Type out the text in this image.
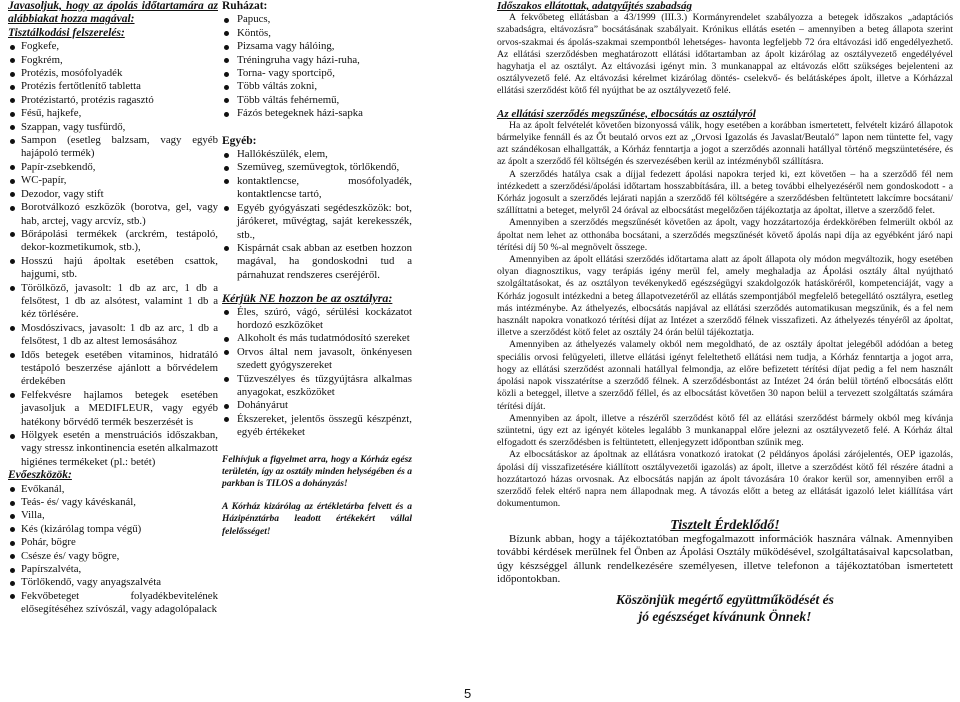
Javasoljuk, hogy az ápolás időtartamára az alábbiakat hozza magával:

Tisztálkodási felszerelés:

Fogkefe,
Fogkrém,
Protézis, mosófolyadék
Protézis fertőtlenítő tabletta
Protézistartó, protézis ragasztó
Fésű, hajkefe,
Szappan, vagy tusfürdő,
Sampon (esetleg balzsam, vagy egyéb hajápoló termék)
Papír-zsebkendő,
WC-papír,
Dezodor, vagy stift
Borotválkozó eszközök (borotva, gel, vagy hab, arctej, vagy arcvíz, stb.)
Bőrápolási termékek (arckrém, testápoló, dekor-kozmetikumok, stb.),
Hosszú hajú ápoltak esetében csattok, hajgumi, stb.
Törölköző, javasolt: 1 db az arc, 1 db a felsőtest, 1 db az alsótest, valamint 1 db a kéz törlésére.
Mosdószivacs, javasolt: 1 db az arc, 1 db a felsőtest, 1 db az altest lemosásához
Idős betegek esetében vitaminos, hidratáló testápoló beszerzése ajánlott a bőrvédelem érdekében
Felfekvésre hajlamos betegek esetében javasoljuk a MEDIFLEUR, vagy egyéb hatékony bőrvédő termék beszerzését is
Hölgyek esetén a menstruációs időszakban, vagy stressz inkontinencia esetén alkalmazott higiénes termékeket (pl.: betét)

Evőeszközök:

Evőkanál,
Teás- és/ vagy kávéskanál,
Villa,
Kés (kizárólag tompa végű)
Pohár, bögre
Csésze és/ vagy bögre,
Papírszalvéta,
Törlőkendő, vagy anyagszalvéta
Fekvőbeteget folyadékbevitelének elősegítéséhez szívószál, vagy adagolópalack

Ruházat:

Papucs,
Köntös,
Pizsama vagy hálóing,
Tréningruha vagy házi-ruha,
Torna- vagy sportcipő,
Több váltás zokni,
Több váltás fehérnemű,
Fázós betegeknek házi-sapka

Egyéb:

Hallókészülék, elem,
Szemüveg, szemüvegtok, törlőkendő,
kontaktlencse, mosófolyadék, kontaktlencse tartó,
Egyéb gyógyászati segédeszközök: bot, járókeret, művégtag, saját kerekesszék, stb.,
Kispárnát csak abban az esetben hozzon magával, ha gondoskodni tud a párnahuzat rendszeres cseréjéről.

Kérjük NE hozzon be az osztályra:

Éles, szúró, vágó, sérülési kockázatot hordozó eszközöket
Alkoholt és más tudatmódosító szereket
Orvos által nem javasolt, önkényesen szedett gyógyszereket
Tűzveszélyes és tűzgyújtásra alkalmas anyagokat, eszközöket
Dohányárut
Ékszereket, jelentős összegű készpénzt, egyéb értékeket

Felhívjuk a figyelmet arra, hogy a Kórház egész területén, így az osztály minden helységében és a parkban is TILOS a dohányzás!

A Kórház kizárólag az értékletárba felvett és a Házipénztárba leadott értékekért vállal felelősséget!

Időszakos ellátottak, adatgyűjtés szabadság

A fekvőbeteg ellátásban a 43/1999 (III.3.) Kormányrendelet szabályozza a betegek időszakos „adaptációs szabadságra, eltávozásra” bocsátásának szabályait. Krónikus ellátás esetén – amennyiben a beteg állapota szerint orvos-szakmai és ápolás-szakmai szempontból lehetséges- havonta legfeljebb 72 óra eltávozási idő engedélyezhető. Az ellátási szerződésben meghatározott ellátási időtartamban az ápolt kizárólag az osztályvezető engedélyével hagyhatja el az osztályt. Az eltávozási igényt min. 3 munkanappal az eltávozás előtt szükséges bejelenteni az osztályvezető felé. Az eltávozási kérelmet kizárólag döntés- cselekvő- és belátásképes ápolt, illetve a Kórházzal ellátási szerződést kötő fél nyújthat be az osztályvezető felé.

Az ellátási szerződés megszűnése, elbocsátás az osztályról

Ha az ápolt felvételét követően bizonyossá válik, hogy esetében a korábban ismertetett, felvételt kizáró állapotok bármelyike fennáll és az Őt beutaló orvos ezt az „Orvosi Igazolás és Javaslat/Beutaló” lapon nem tüntette fel, vagy azt szándékosan elhallgatták, a Kórház fenntartja a jogot a szerződés azonnali hatállyal történő megszüntetésére, és az ápolt a szerződő fél költségén és szervezésében kerül az intézményből szállításra.

A szerződés hatálya csak a díjjal fedezett ápolási napokra terjed ki, ezt követően – ha a szerződő fél nem intézkedett a szerződési/ápolási időtartam hosszabbítására, ill. a beteg további elhelyezéséről nem gondoskodott - a Kórház jogosult a szerződés lejárati napján a szerződő fél költségére a szerződésben feltüntetett lakcímre bocsátani/ szállíttatni a beteget, melyről 24 órával az elbocsátást megelőzően tájékoztatja az ápoltat, illetve a szerződő felet.

Amennyiben a szerződés megszűnését követően az ápolt, vagy hozzátartozója érdekkörében felmerült okból az ápoltat nem lehet az otthonába bocsátani, a szerződés megszűnését követő ápolás napi díja az egyébként járó napi térítési díj 50 %-al megnövelt összege.

Amennyiben az ápolt ellátási szerződés időtartama alatt az ápolt állapota oly módon megváltozik, hogy esetében olyan diagnosztikus, vagy terápiás igény merül fel, amely meghaladja az Ápolási osztály által nyújtható szolgáltatásokat, és az osztályon tevékenykedő egészségügyi szakdolgozók hatásköréről, kompetenciáját, vagy a Kórház jogosult intézkedni a beteg állapotvezetéről az ellátás szempontjából megfelelő betegellátó osztályra, esetleg más intézménybe. Az áthelyezés, elbocsátás napjával az ellátási szerződés automatikusan megszűnik, és a fel nem használt napokra vonatkozó térítési díjat az Intézet a szerződő félnek visszafizeti. Az áthelyezés tényéről az ápoltat, illetve a szerződést kötő felet az osztály 24 órán belül tájékoztatja.

Amennyiben az áthelyezés valamely okból nem megoldható, de az osztály ápoltat jelegéből adódóan a beteg speciális orvosi felügyeleti, illetve ellátási igényt feleltethető ellátási nem tudja, a Kórház fenntartja a jogot arra, hogy az ellátási szerződést azonnali hatállyal felmondja, az előre befizetett térítési díjat pedig a fel nem használt ápolási napok visszatérítse a szerződő félnek. A szerződésbontást az Intézet 24 órán belül történő elbocsátás előtt közli a beteggel, illetve a szerződő féllel, és az elbocsátást követően 30 napon belül a tervezett szolgáltatás számára térítési díját.

Amennyiben az ápolt, illetve a részéről szerződést kötő fél az ellátási szerződést bármely okból meg kívánja szüntetni, úgy ezt az igényét köteles legalább 3 munkanappal előre jelezni az osztályvezető felé. A Kórház által elfogadott és szerződésben is feltüntetett, ellenjegyzett időpontban szűnik meg.

Az elbocsátáskor az ápoltnak az ellátásra vonatkozó iratokat (2 példányos ápolási zárójelentés, OEP igazolás, ápolási díj visszafizetésére kiállított osztályvezetői igazolás) az ápolt, illetve a szerződést kötő fél részére átadni a hozzátartozó házas orvosnak. Az elbocsátás napján az ápolt távozására 10 órakor kerül sor, amennyiben erről a szerződő felek eltérő napra nem állapodnak meg. A távozás előtt a beteg az ellátását igazoló lelet kiállítása várt dokumentumon.

Tisztelt Érdeklődő!

Bízunk abban, hogy a tájékoztatóban megfogalmazott információk hasznára válnak. Amennyiben további kérdések merülnek fel Önben az Ápolási Osztály működésével, szolgáltatásaival kapcsolatban, úgy készséggel állunk rendelkezésére személyesen, illetve telefonon a tájékoztatóban ismertetett időpontokban.

Köszönjük megértő együttműködését és

jó egészséget kívánunk Önnek!

5
